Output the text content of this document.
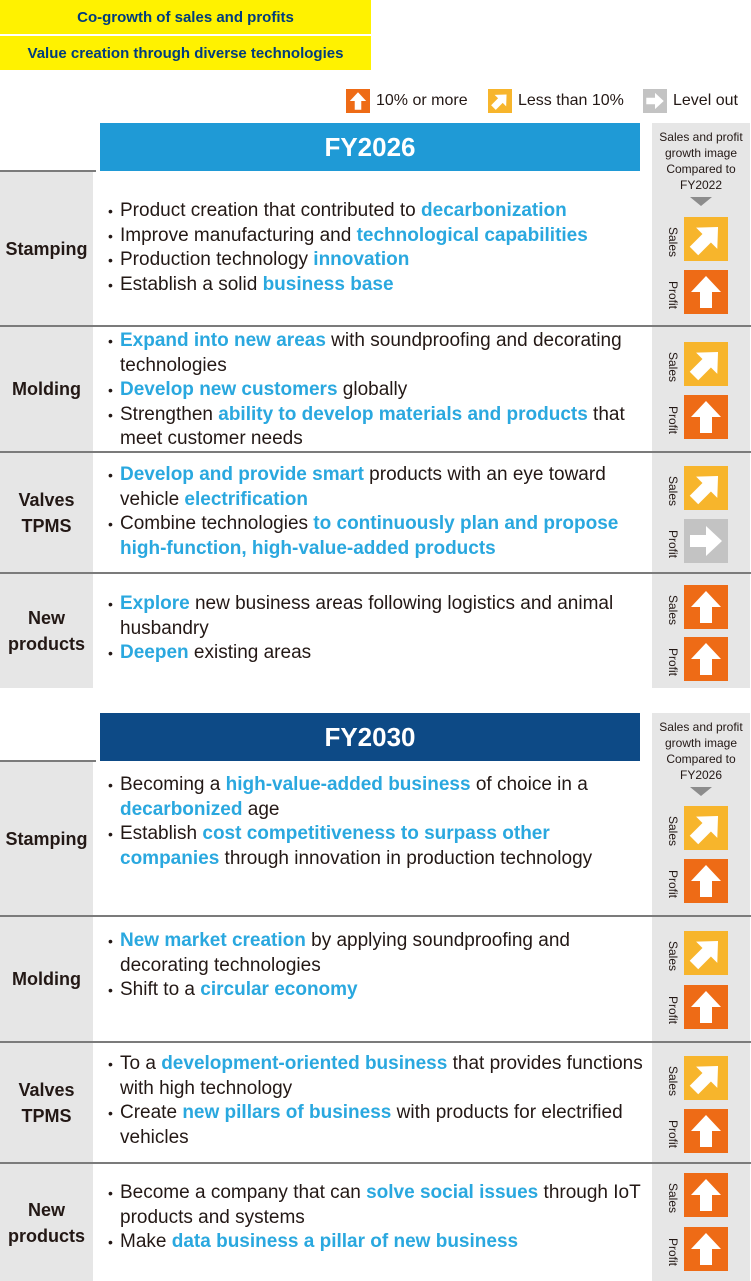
Co-growth of sales and profits
Value creation through diverse technologies
10% or more	Less than 10%	Level out
FY2026	Sales and profit
growth image
Compared to
FY2022
Stamping
• Product creation that contributed to decarbonization
• Improve manufacturing and technological capabilities
• Production technology innovation
• Establish a solid business base
Sales
Profit
Molding
• Expand into new areas with soundproofing and decorating technologies
• Develop new customers globally
• Strengthen ability to develop materials and products that meet customer needs
Sales
Profit
Valves
TPMS
• Develop and provide smart products with an eye toward vehicle electrification
• Combine technologies to continuously plan and propose high-function, high-value-added products
Sales
Profit
New
products
• Explore new business areas following logistics and animal husbandry
• Deepen existing areas
Sales
Profit
FY2030	Sales and profit
growth image
Compared to
FY2026
Stamping
• Becoming a high-value-added business of choice in a decarbonized age
• Establish cost competitiveness to surpass other companies through innovation in production technology
Sales
Profit
Molding
• New market creation by applying soundproofing and decorating technologies
• Shift to a circular economy
Sales
Profit
Valves
TPMS
• To a development-oriented business that provides functions with high technology
• Create new pillars of business with products for electrified vehicles
Sales
Profit
New
products
• Become a company that can solve social issues through IoT products and systems
• Make data business a pillar of new business
Sales
Profit
